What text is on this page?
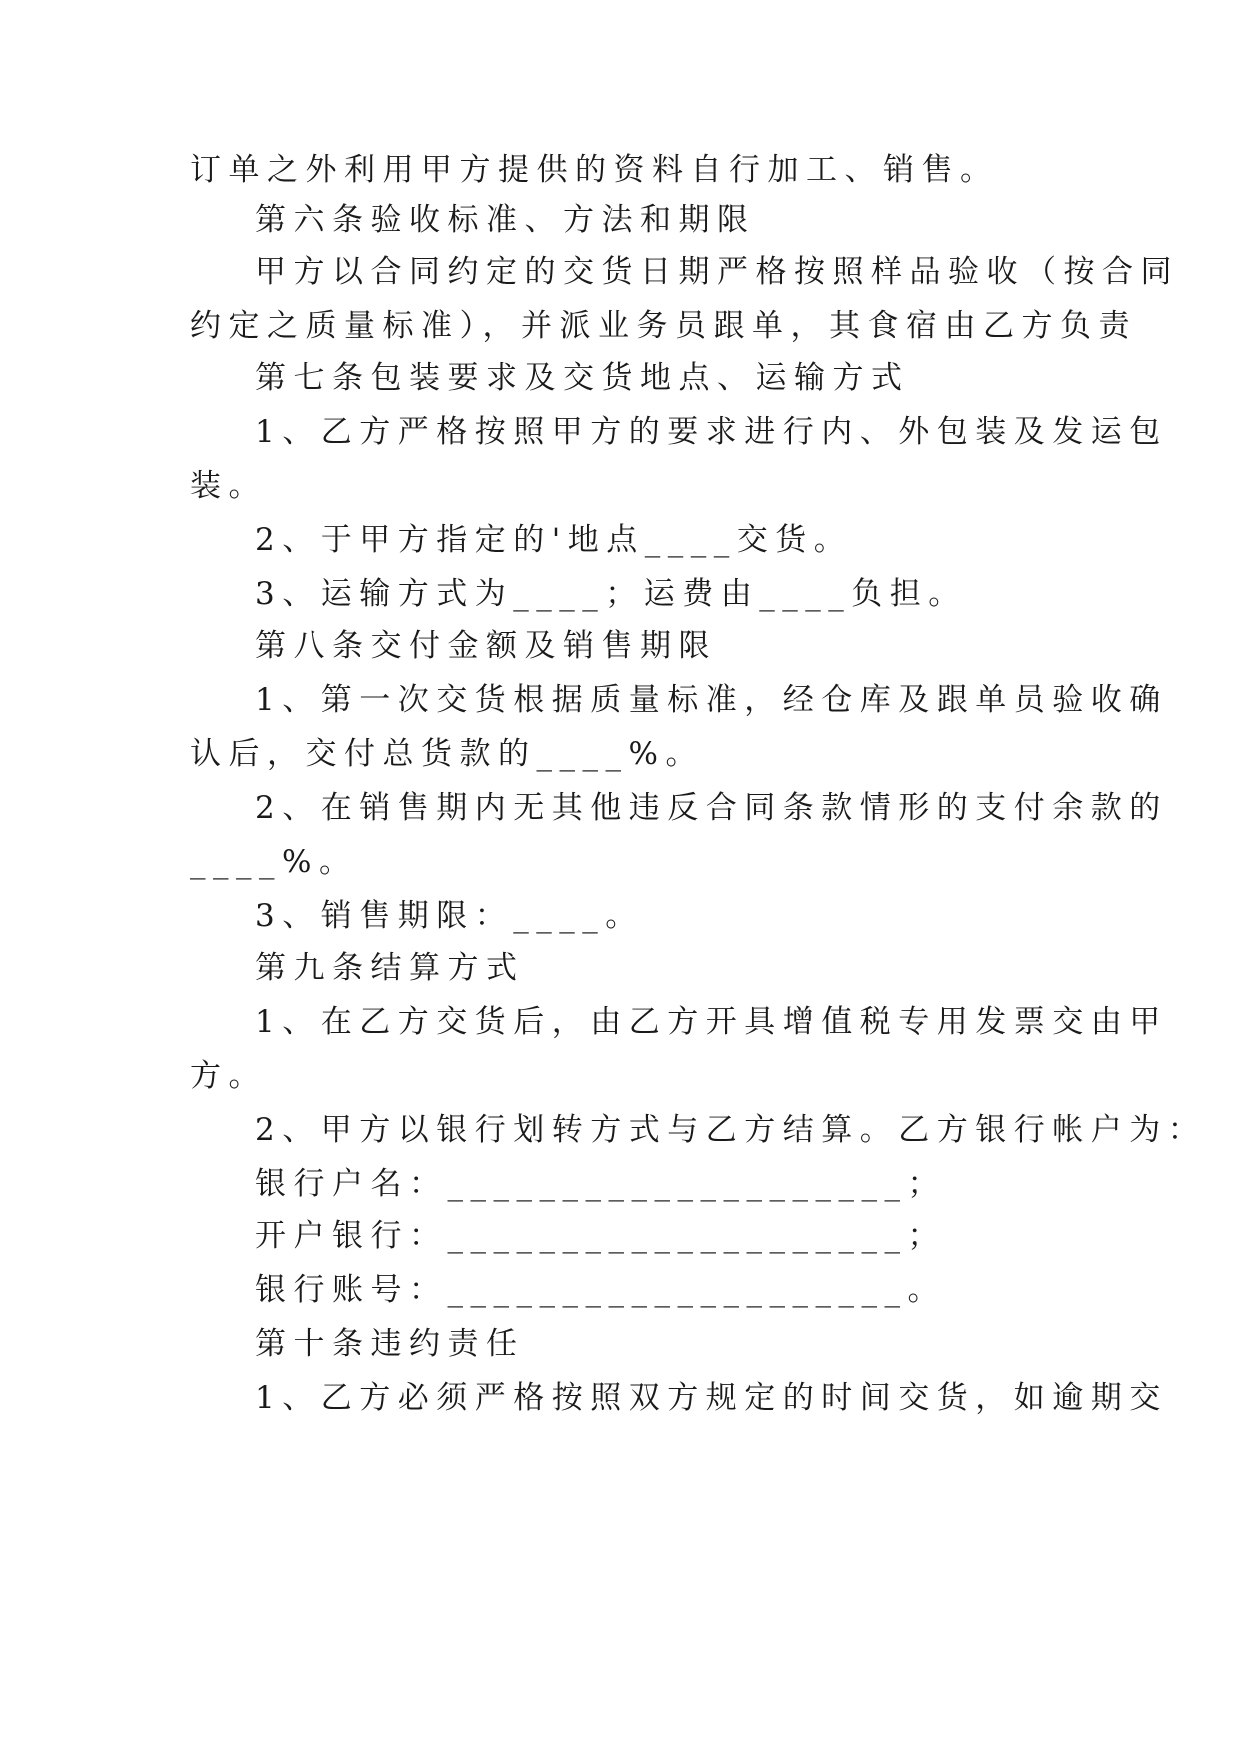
订单之外利用甲方提供的资料自行加工、销售。
第六条验收标准、方法和期限
甲方以合同约定的交货日期严格按照样品验收（按合同
约定之质量标准），并派业务员跟单，其食宿由乙方负责
第七条包装要求及交货地点、运输方式
1、乙方严格按照甲方的要求进行内、外包装及发运包
装。
2、于甲方指定的'地点____交货。
3、运输方式为____；运费由____负担。
第八条交付金额及销售期限
1、第一次交货根据质量标准，经仓库及跟单员验收确
认后，交付总货款的____%。
2、在销售期内无其他违反合同条款情形的支付余款的
____%。
3、销售期限：____。
第九条结算方式
1、在乙方交货后，由乙方开具增值税专用发票交由甲
方。
2、甲方以银行划转方式与乙方结算。乙方银行帐户为：
银行户名：____________________；
开户银行：____________________；
银行账号：____________________。
第十条违约责任
1、乙方必须严格按照双方规定的时间交货，如逾期交
